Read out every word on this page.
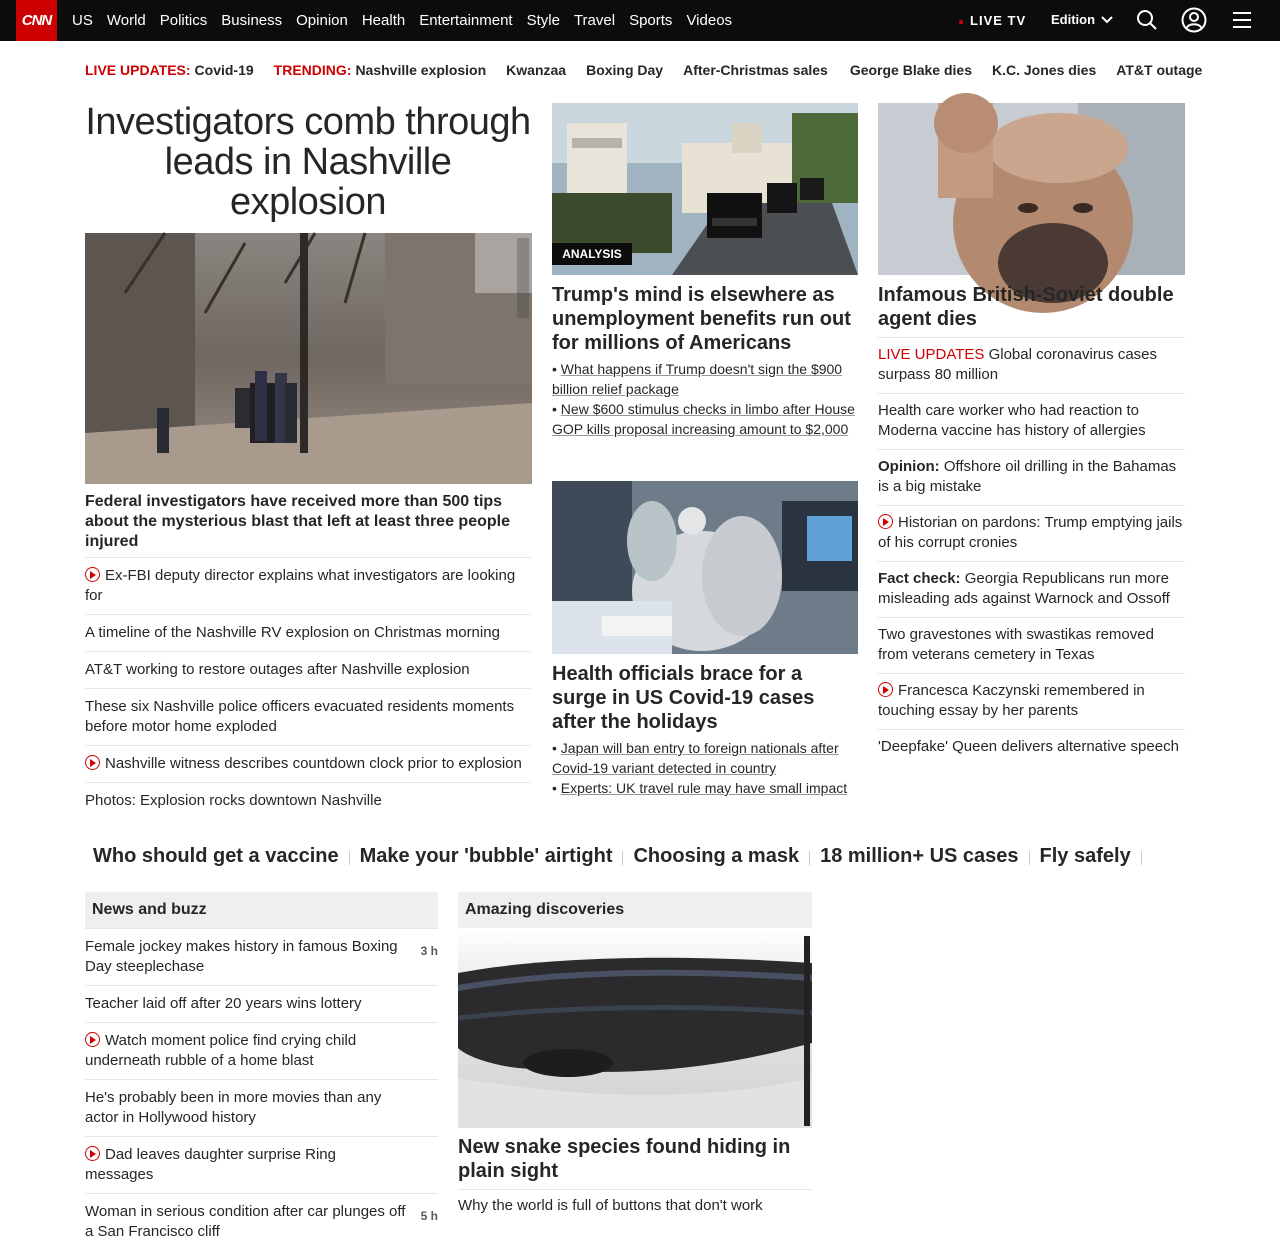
CNN	US World Politics Business Opinion Health Entertainment Style Travel Sports Videos	● LIVE TV Edition
LIVE UPDATES: Covid-19 TRENDING: Nashville explosion Kwanzaa Boxing Day After-Christmas sales George Blake dies K.C. Jones dies AT&T outage
Investigators comb through leads in Nashville explosion
Federal investigators have received more than 500 tips about the mysterious blast that left at least three people injured
Ex-FBI deputy director explains what investigators are looking for
A timeline of the Nashville RV explosion on Christmas morning
AT&T working to restore outages after Nashville explosion
These six Nashville police officers evacuated residents moments before motor home exploded
Nashville witness describes countdown clock prior to explosion
Photos: Explosion rocks downtown Nashville
ANALYSIS
Trump's mind is elsewhere as unemployment benefits run out for millions of Americans
• What happens if Trump doesn't sign the $900 billion relief package
• New $600 stimulus checks in limbo after House GOP kills proposal increasing amount to $2,000
Health officials brace for a surge in US Covid-19 cases after the holidays
• Japan will ban entry to foreign nationals after Covid-19 variant detected in country
• Experts: UK travel rule may have small impact
Infamous British-Soviet double agent dies
LIVE UPDATES Global coronavirus cases surpass 80 million
Health care worker who had reaction to Moderna vaccine has history of allergies
Opinion: Offshore oil drilling in the Bahamas is a big mistake
Historian on pardons: Trump emptying jails of his corrupt cronies
Fact check: Georgia Republicans run more misleading ads against Warnock and Ossoff
Two gravestones with swastikas removed from veterans cemetery in Texas
Francesca Kaczynski remembered in touching essay by her parents
'Deepfake' Queen delivers alternative speech
Who should get a vaccine Make your 'bubble' airtight Choosing a mask 18 million+ US cases Fly safely
News and buzz
Female jockey makes history in famous Boxing Day steeplechase
3 h
Teacher laid off after 20 years wins lottery
Watch moment police find crying child underneath rubble of a home blast
He's probably been in more movies than any actor in Hollywood history
Dad leaves daughter surprise Ring messages
Woman in serious condition after car plunges off a San Francisco cliff
5 h
Amazing discoveries
New snake species found hiding in plain sight
Why the world is full of buttons that don't work
